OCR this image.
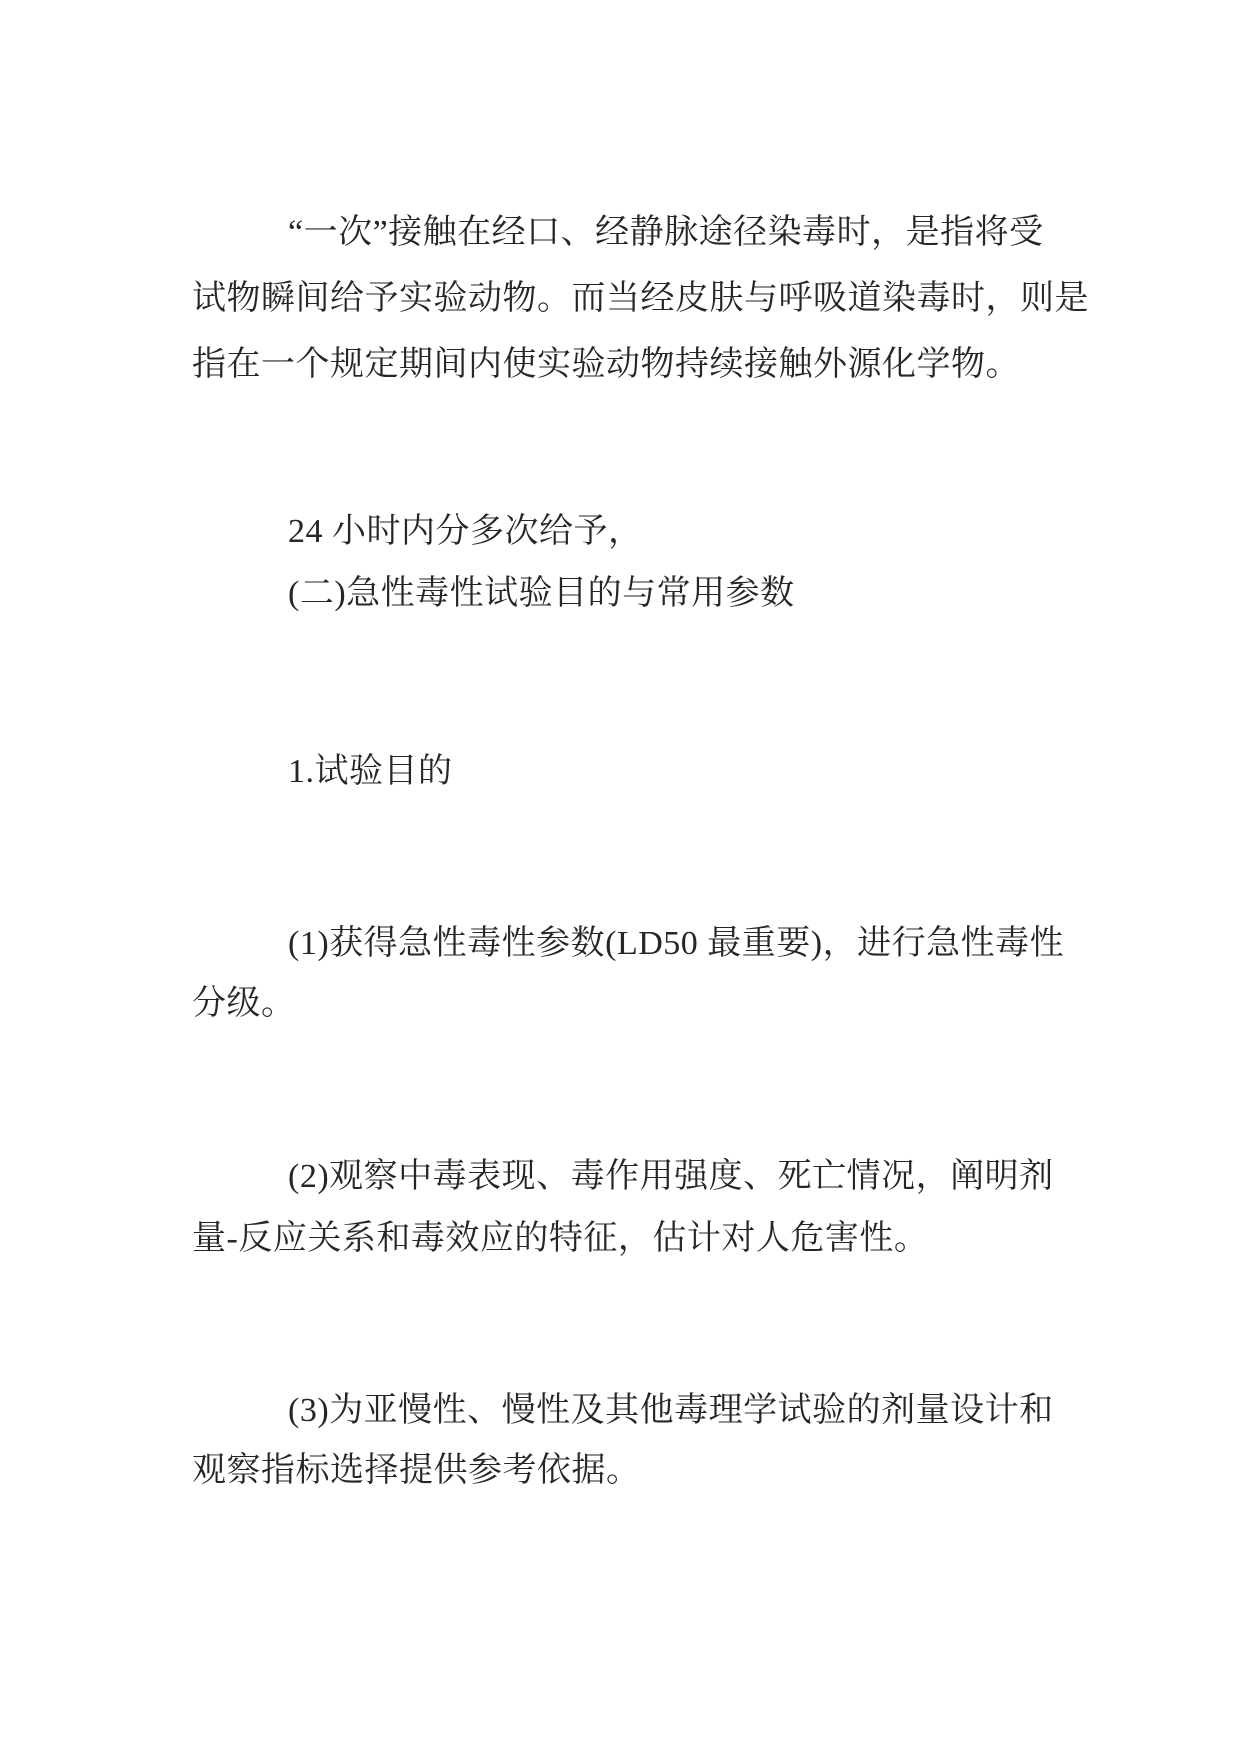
“一次”接触在经口、经静脉途径染毒时，是指将受

试物瞬间给予实验动物。而当经皮肤与呼吸道染毒时，则是

指在一个规定期间内使实验动物持续接触外源化学物。

24 小时内分多次给予，

(二)急性毒性试验目的与常用参数

1.试验目的

(1)获得急性毒性参数(LD50 最重要)，进行急性毒性

分级。

(2)观察中毒表现、毒作用强度、死亡情况，阐明剂

量-反应关系和毒效应的特征，估计对人危害性。

(3)为亚慢性、慢性及其他毒理学试验的剂量设计和

观察指标选择提供参考依据。
